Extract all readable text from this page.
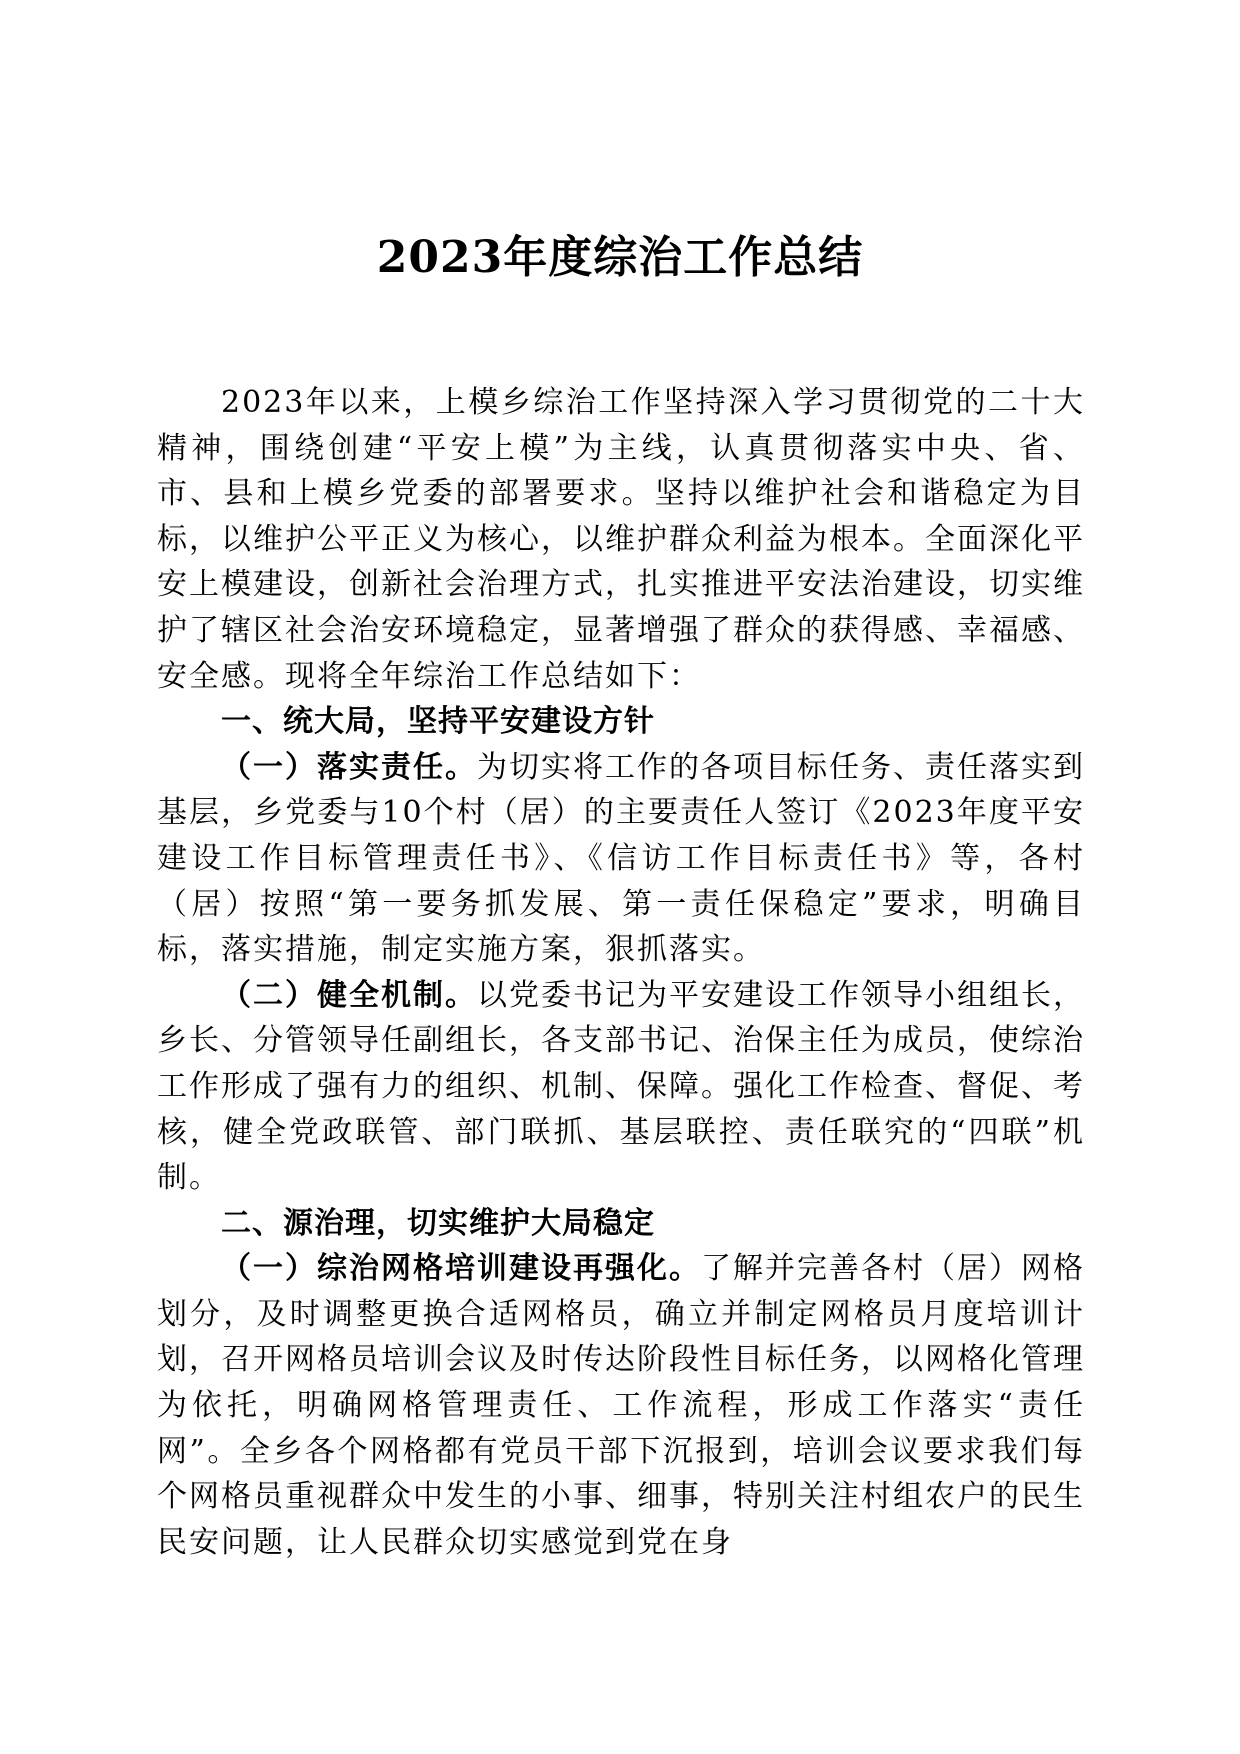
2023年度综治工作总结

2023年以来，上模乡综治工作坚持深入学习贯彻党的二十大精神，围绕创建“平安上模”为主线，认真贯彻落实中央、省、市、县和上模乡党委的部署要求。坚持以维护社会和谐稳定为目标，以维护公平正义为核心，以维护群众利益为根本。全面深化平安上模建设，创新社会治理方式，扎实推进平安法治建设，切实维护了辖区社会治安环境稳定，显著增强了群众的获得感、幸福感、安全感。现将全年综治工作总结如下：

一、统大局，坚持平安建设方针

（一）落实责任。为切实将工作的各项目标任务、责任落实到基层，乡党委与10个村（居）的主要责任人签订《2023年度平安建设工作目标管理责任书》、《信访工作目标责任书》等，各村（居）按照“第一要务抓发展、第一责任保稳定”要求，明确目标，落实措施，制定实施方案，狠抓落实。

（二）健全机制。以党委书记为平安建设工作领导小组组长，乡长、分管领导任副组长，各支部书记、治保主任为成员，使综治工作形成了强有力的组织、机制、保障。强化工作检查、督促、考核，健全党政联管、部门联抓、基层联控、责任联究的“四联”机制。

二、源治理，切实维护大局稳定

（一）综治网格培训建设再强化。了解并完善各村（居）网格划分，及时调整更换合适网格员，确立并制定网格员月度培训计划，召开网格员培训会议及时传达阶段性目标任务，以网格化管理为依托，明确网格管理责任、工作流程，形成工作落实“责任网”。全乡各个网格都有党员干部下沉报到，培训会议要求我们每个网格员重视群众中发生的小事、细事，特别关注村组农户的民生民安问题，让人民群众切实感觉到党在身
